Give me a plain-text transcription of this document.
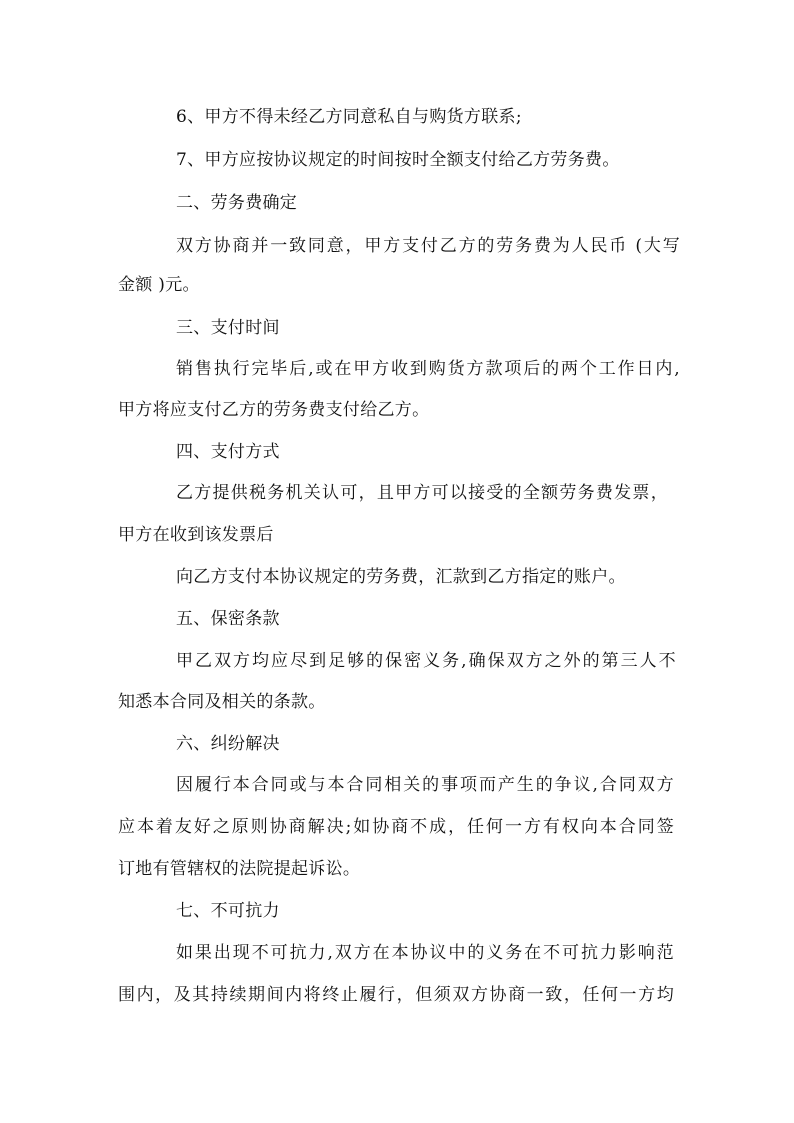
6、甲方不得未经乙方同意私自与购货方联系;
7、甲方应按协议规定的时间按时全额支付给乙方劳务费。
二、劳务费确定
双方协商并一致同意，甲方支付乙方的劳务费为人民币 (大写
金额 )元。
三、支付时间
销售执行完毕后,或在甲方收到购货方款项后的两个工作日内,
甲方将应支付乙方的劳务费支付给乙方。
四、支付方式
乙方提供税务机关认可，且甲方可以接受的全额劳务费发票，
甲方在收到该发票后
向乙方支付本协议规定的劳务费，汇款到乙方指定的账户。
五、保密条款
甲乙双方均应尽到足够的保密义务,确保双方之外的第三人不
知悉本合同及相关的条款。
六、纠纷解决
因履行本合同或与本合同相关的事项而产生的争议,合同双方
应本着友好之原则协商解决;如协商不成，任何一方有权向本合同签
订地有管辖权的法院提起诉讼。
七、不可抗力
如果出现不可抗力,双方在本协议中的义务在不可抗力影响范
围内，及其持续期间内将终止履行，但须双方协商一致，任何一方均
